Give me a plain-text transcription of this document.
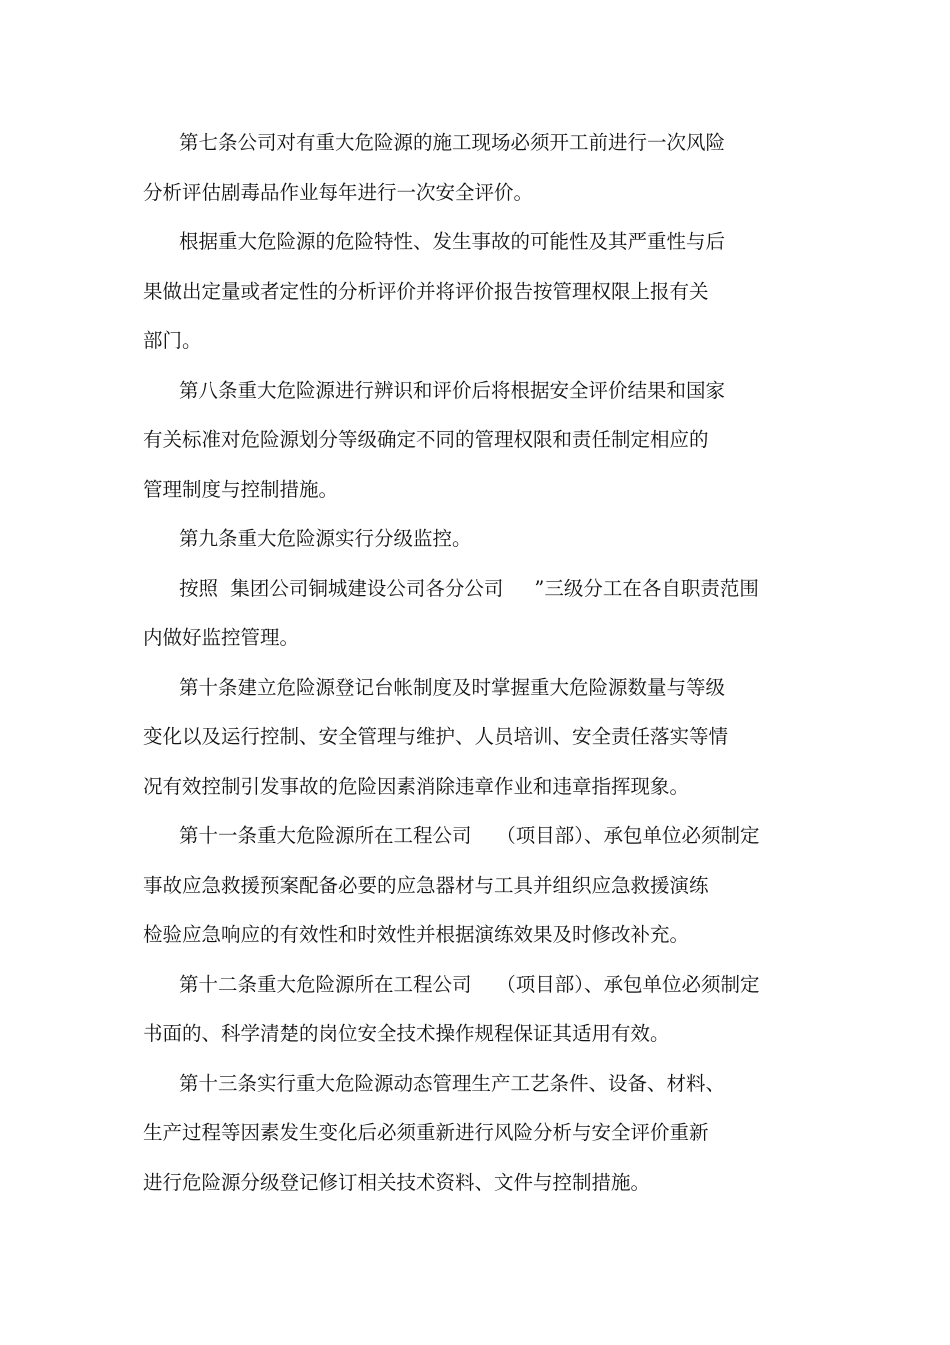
第七条公司对有重大危险源的施工现场必须开工前进行一次风险
分析评估剧毒品作业每年进行一次安全评价。
根据重大危险源的危险特性、发生事故的可能性及其严重性与后
果做出定量或者定性的分析评价并将评价报告按管理权限上报有关
部门。
第八条重大危险源进行辨识和评价后将根据安全评价结果和国家
有关标准对危险源划分等级确定不同的管理权限和责任制定相应的
管理制度与控制措施。
第九条重大危险源实行分级监控。
按照  集团公司铜城建设公司各分公司     ”三级分工在各自职责范围
内做好监控管理。
第十条建立危险源登记台帐制度及时掌握重大危险源数量与等级
变化以及运行控制、安全管理与维护、人员培训、安全责任落实等情
况有效控制引发事故的危险因素消除违章作业和违章指挥现象。
第十一条重大危险源所在工程公司    （项目部）、承包单位必须制定
事故应急救援预案配备必要的应急器材与工具并组织应急救援演练
检验应急响应的有效性和时效性并根据演练效果及时修改补充。
第十二条重大危险源所在工程公司    （项目部）、承包单位必须制定
书面的、科学清楚的岗位安全技术操作规程保证其适用有效。
第十三条实行重大危险源动态管理生产工艺条件、设备、材料、
生产过程等因素发生变化后必须重新进行风险分析与安全评价重新
进行危险源分级登记修订相关技术资料、文件与控制措施。
